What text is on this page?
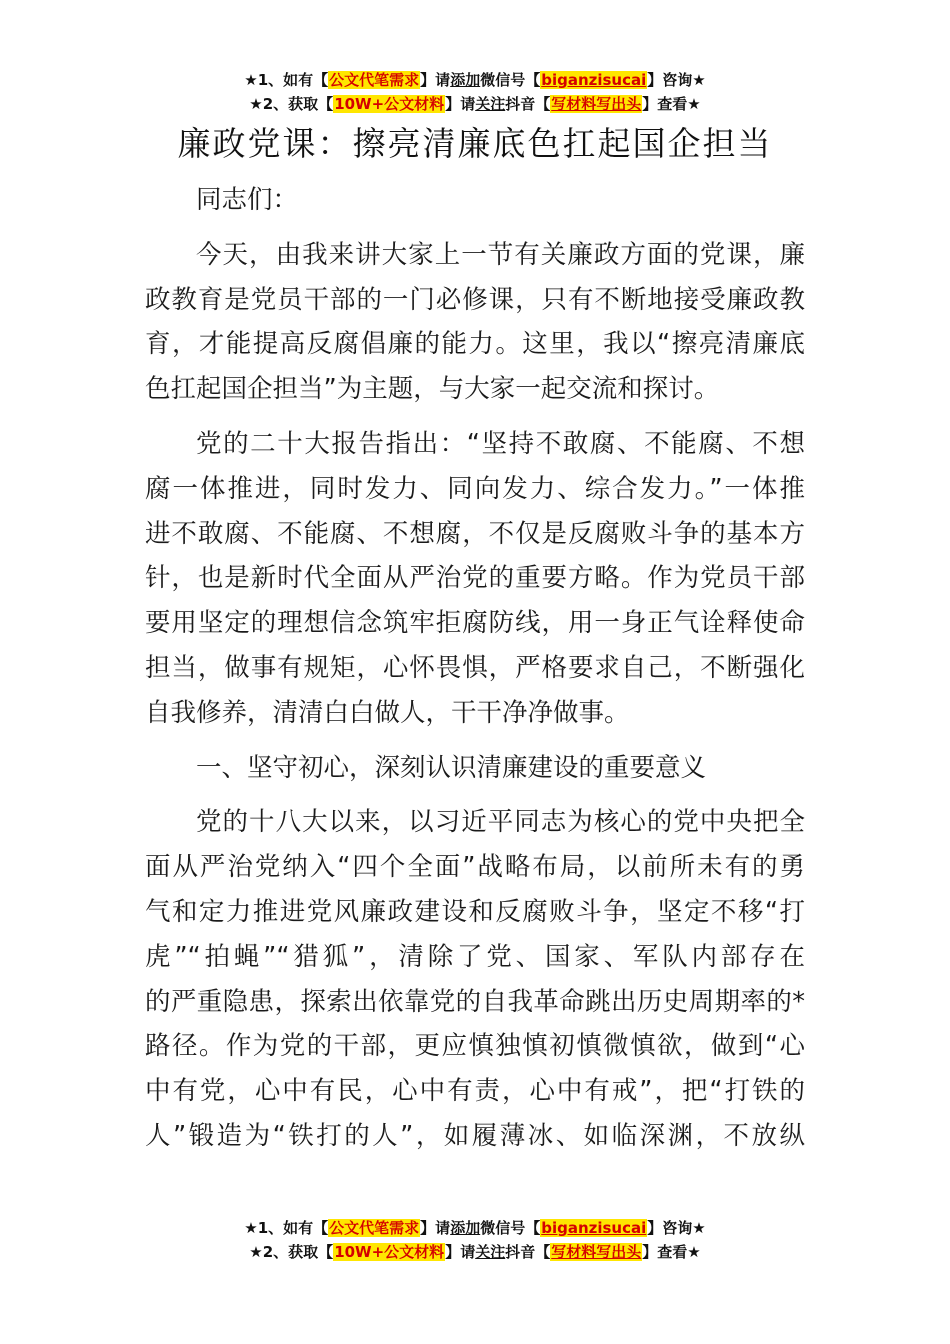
★1、如有【公文代笔需求】请添加微信号【biganzisucai】咨询★
★2、获取【10W+公文材料】请关注抖音【写材料写出头】查看★
廉政党课：擦亮清廉底色扛起国企担当

同志们：

今天，由我来讲大家上一节有关廉政方面的党课，廉
政教育是党员干部的一门必修课，只有不断地接受廉政教
育，才能提高反腐倡廉的能力。这里，我以“擦亮清廉底
色扛起国企担当”为主题，与大家一起交流和探讨。

党的二十大报告指出：“坚持不敢腐、不能腐、不想
腐一体推进，同时发力、同向发力、综合发力。”一体推
进不敢腐、不能腐、不想腐，不仅是反腐败斗争的基本方
针，也是新时代全面从严治党的重要方略。作为党员干部
要用坚定的理想信念筑牢拒腐防线，用一身正气诠释使命
担当，做事有规矩，心怀畏惧，严格要求自己，不断强化
自我修养，清清白白做人，干干净净做事。

一、坚守初心，深刻认识清廉建设的重要意义

党的十八大以来，以习近平同志为核心的党中央把全
面从严治党纳入“四个全面”战略布局，以前所未有的勇
气和定力推进党风廉政建设和反腐败斗争，坚定不移“打
虎”“拍蝇”“猎狐”，清除了党、国家、军队内部存在
的严重隐患，探索出依靠党的自我革命跳出历史周期率的*
路径。作为党的干部，更应慎独慎初慎微慎欲，做到“心
中有党，心中有民，心中有责，心中有戒”，把“打铁的
人”锻造为“铁打的人”，如履薄冰、如临深渊，不放纵

★1、如有【公文代笔需求】请添加微信号【biganzisucai】咨询★
★2、获取【10W+公文材料】请关注抖音【写材料写出头】查看★
